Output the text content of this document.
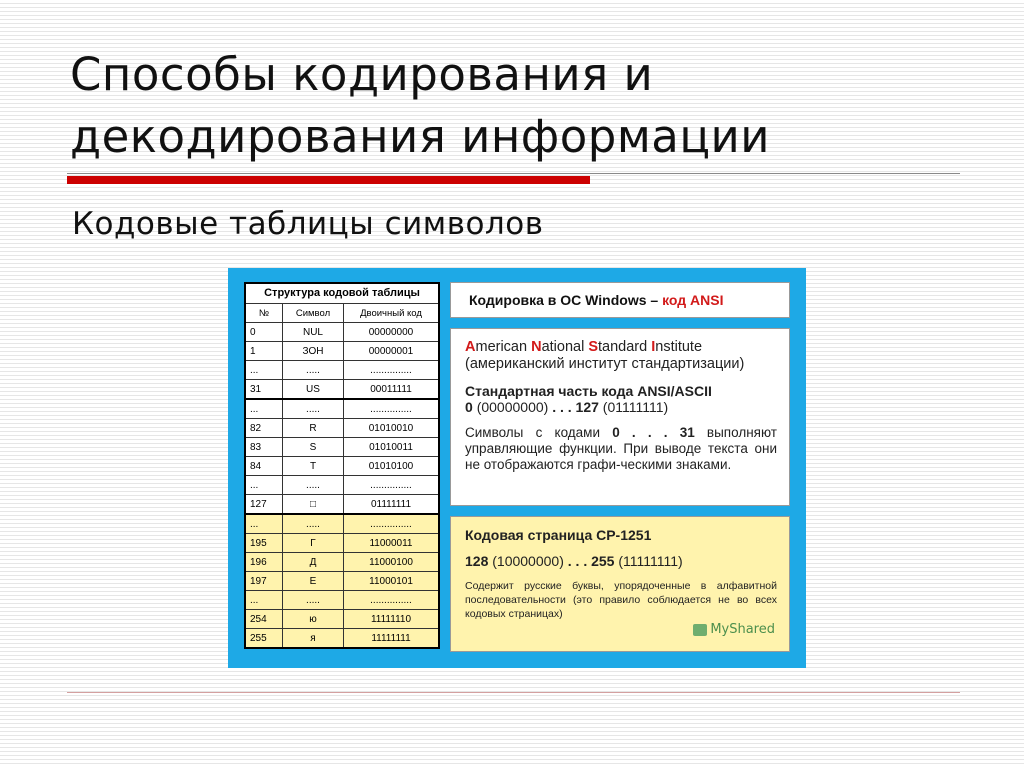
Способы кодирования и
декодирования информации
Кодовые таблицы символов
Структура кодовой таблицы		
№	Символ	Двоичный код
0	NUL	00000000
1	ЗОН	00000001
...	.....	...............
31	US	00011111
...	.....	...............
82	R	01010010
83	S	01010011
84	T	01010100
...	.....	...............
127	□	01111111
...	.....	...............
195	Г	11000011
196	Д	11000100
197	Е	11000101
...	.....	...............
254	ю	11111110
255	я	11111111
Кодировка в ОС Windows – код ANSI
American National Standard Institute
(американский институт стандартизации)
Стандартная часть кода ANSI/ASCII
0 (00000000) . . . 127 (01111111)
Символы с кодами 0 . . . 31 выполняют управляющие функции. При выводе текста они не отображаются графи-ческими знаками.
Кодовая страница СР-1251
128 (10000000) . . . 255 (11111111)
Содержит русские буквы, упорядоченные в алфавитной последовательности (это правило соблюдается не во всех кодовых страницах)
MyShared
